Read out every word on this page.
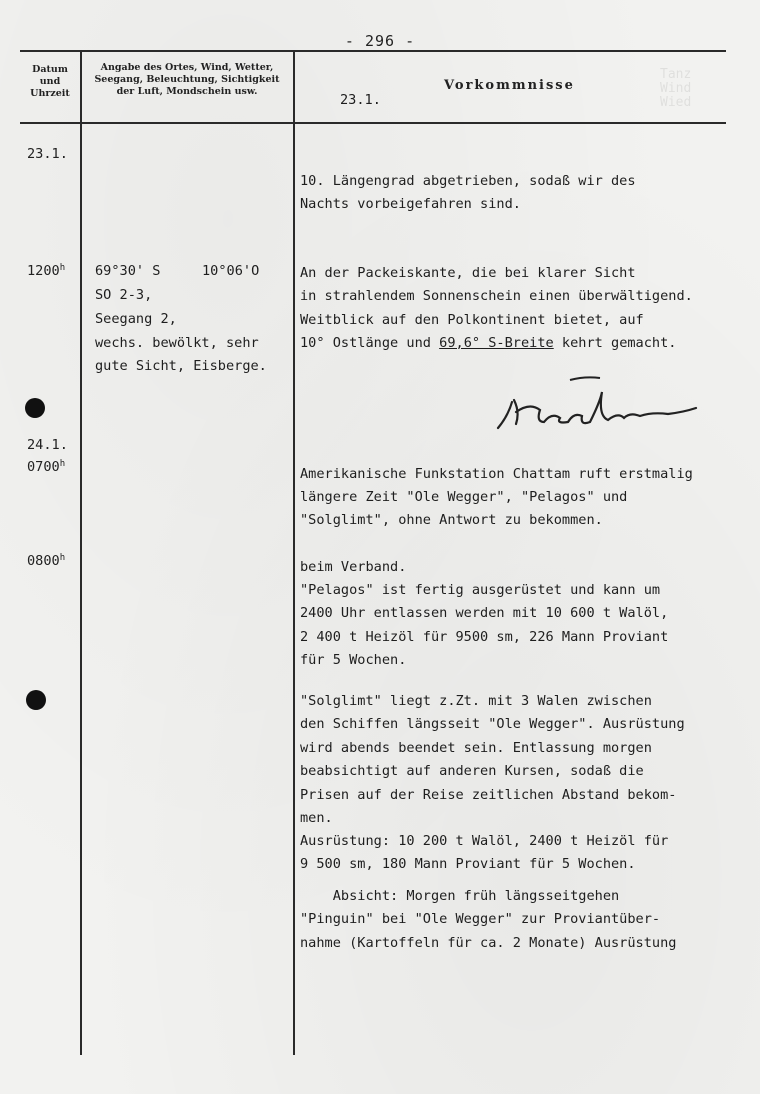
Tanz
Wind
Wied
- 296 -
Datum und Uhrzeit
Angabe des Ortes, Wind, Wetter, Seegang, Beleuchtung, Sichtigkeit der Luft, Mondschein usw.
23.1.
Vorkommnisse
23.1.
10. Längengrad abgetrieben, sodaß wir des
Nachts vorbeigefahren sind.
1200$^h$ 69°30' S	10°06'O
SO 2-3,
Seegang 2,
wechs. bewölkt, sehr
gute Sicht, Eisberge.
An der Packeiskante, die bei klarer Sicht
in strahlendem Sonnenschein einen überwältigend.
Weitblick auf den Polkontinent bietet, auf
10° Ostlänge und 69,6° S-Breite kehrt gemacht.
24.1.
0700$^h$
Amerikanische Funkstation Chattam ruft erstmalig
längere Zeit "Ole Wegger", "Pelagos" und
"Solglimt", ohne Antwort zu bekommen.
0800$^h$
beim Verband.
"Pelagos" ist fertig ausgerüstet und kann um
2400 Uhr entlassen werden mit 10 600 t Walöl,
2 400 t Heizöl für 9500 sm, 226 Mann Proviant
für 5 Wochen.
"Solglimt" liegt z.Zt. mit 3 Walen zwischen
den Schiffen längsseit "Ole Wegger". Ausrüstung
wird abends beendet sein. Entlassung morgen
beabsichtigt auf anderen Kursen, sodaß die
Prisen auf der Reise zeitlichen Abstand bekom-
men.
Ausrüstung: 10 200 t Walöl, 2400 t Heizöl für
9 500 sm, 180 Mann Proviant für 5 Wochen.
Absicht: Morgen früh längsseitgehen
"Pinguin" bei "Ole Wegger" zur Proviantüber-
nahme (Kartoffeln für ca. 2 Monate) Ausrüstung
